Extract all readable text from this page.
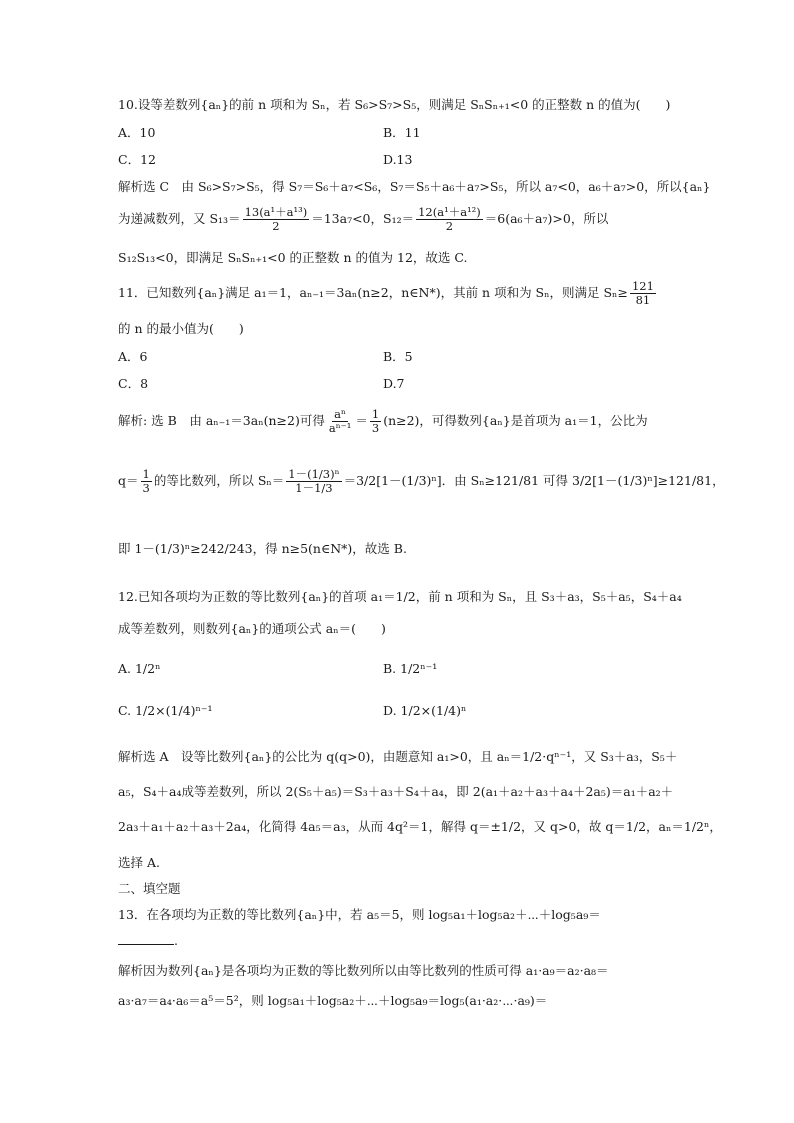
10.设等差数列{aₙ}的前 n 项和为 Sₙ，若 S₆>S₇>S₅，则满足 SₙSₙ₊₁<0 的正整数 n 的值为(　　)
A．10	B．11
C．12	D.13
解析选 C　由 S₆>S₇>S₅，得 S₇＝S₆＋a₇<S₆，S₇＝S₅＋a₆＋a₇>S₅，所以 a₇<0，a₆＋a₇>0，所以{aₙ}
为递减数列，又 $S_{13}= \frac{\text{13(a¹＋a¹³)}}{2} =13a_7<0$，$S_{12}= \frac{\text{12(a¹＋a¹²)}}{2} =6(a_6+a_7)>0$，所以
S₁₂S₁₃<0，即满足 SₙSₙ₊₁<0 的正整数 n 的值为 12，故选 C.
11．已知数列{aₙ}满足 a₁＝1，aₙ₋₁＝3aₙ(n≥2，n∈N*)，其前 n 项和为 Sₙ，则满足 $S_n\ge \frac{121}{81}$
的 n 的最小值为(　　)
A．6	B．5
C．8	D.7
解析: 选 B　由 aₙ₋₁＝3aₙ(n≥2)可得 $\frac{\text{aⁿ}}{\text{aⁿ⁻¹}} = \frac{1}{3} (n\ge 2)$，可得数列{aₙ}是首项为 a₁＝1，公比为
$q= \frac{1}{3}$ 的等比数列，所以 $S_n= \frac{\text{1－(1/3)ⁿ}}{1-1/3} =3/2[1-(1/3)^n]$．由 Sₙ≥121/81 可得 3/2[1－(1/3)ⁿ]≥121/81，
即 1－(1/3)ⁿ≥242/243，得 n≥5(n∈N*)，故选 B.
12.已知各项均为正数的等比数列{aₙ}的首项 a₁＝1/2，前 n 项和为 Sₙ，且 S₃＋a₃，S₅＋a₅，S₄＋a₄
成等差数列，则数列{aₙ}的通项公式 aₙ＝(　　)
A. 1/2ⁿ	B. 1/2ⁿ⁻¹
C. 1/2×(1/4)ⁿ⁻¹	D. 1/2×(1/4)ⁿ
解析选 A　设等比数列{aₙ}的公比为 q(q>0)，由题意知 a₁>0，且 aₙ＝1/2·qⁿ⁻¹，又 S₃＋a₃，S₅＋
a₅，S₄＋a₄成等差数列，所以 2(S₅＋a₅)＝S₃＋a₃＋S₄＋a₄，即 2(a₁＋a₂＋a₃＋a₄＋2a₅)＝a₁＋a₂＋
2a₃＋a₁＋a₂＋a₃＋2a₄，化简得 4a₅＝a₃，从而 4q²＝1，解得 q＝±1/2，又 q>0，故 q＝1/2，aₙ＝1/2ⁿ，
选择 A.
二、填空题
13．在各项均为正数的等比数列{aₙ}中，若 a₅＝5，则 log₅a₁＋log₅a₂＋⋯＋log₅a₉＝
.
解析因为数列{aₙ}是各项均为正数的等比数列所以由等比数列的性质可得 a₁·a₉＝a₂·a₈＝
a₃·a₇＝a₄·a₆＝a⁵＝5²，则 log₅a₁＋log₅a₂＋⋯＋log₅a₉＝log₅(a₁·a₂·⋯·a₉)＝
